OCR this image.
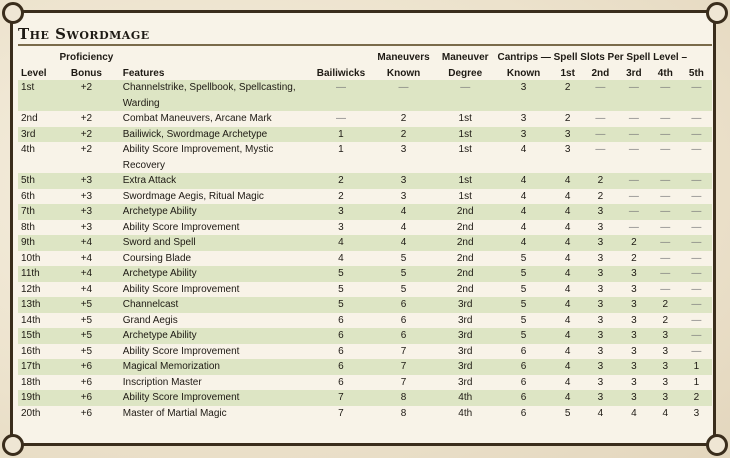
The Swordmage
	Proficiency			Maneuvers	Maneuver	Cantrips — Spell Slots Per Spell Level –					
Level	Bonus	Features	Bailiwicks	Known	Degree	Known	1st	2nd	3rd	4th	5th
1st	+2	Channelstrike, Spellbook, Spellcasting, Warding	—	—	—	3	2	—	—	—	—
2nd	+2	Combat Maneuvers, Arcane Mark	—	2	1st	3	2	—	—	—	—
3rd	+2	Bailiwick, Swordmage Archetype	1	2	1st	3	3	—	—	—	—
4th	+2	Ability Score Improvement, Mystic Recovery	1	3	1st	4	3	—	—	—	—
5th	+3	Extra Attack	2	3	1st	4	4	2	—	—	—
6th	+3	Swordmage Aegis, Ritual Magic	2	3	1st	4	4	2	—	—	—
7th	+3	Archetype Ability	3	4	2nd	4	4	3	—	—	—
8th	+3	Ability Score Improvement	3	4	2nd	4	4	3	—	—	—
9th	+4	Sword and Spell	4	4	2nd	4	4	3	2	—	—
10th	+4	Coursing Blade	4	5	2nd	5	4	3	2	—	—
11th	+4	Archetype Ability	5	5	2nd	5	4	3	3	—	—
12th	+4	Ability Score Improvement	5	5	2nd	5	4	3	3	—	—
13th	+5	Channelcast	5	6	3rd	5	4	3	3	2	—
14th	+5	Grand Aegis	6	6	3rd	5	4	3	3	2	—
15th	+5	Archetype Ability	6	6	3rd	5	4	3	3	3	—
16th	+5	Ability Score Improvement	6	7	3rd	6	4	3	3	3	—
17th	+6	Magical Memorization	6	7	3rd	6	4	3	3	3	1
18th	+6	Inscription Master	6	7	3rd	6	4	3	3	3	1
19th	+6	Ability Score Improvement	7	8	4th	6	4	3	3	3	2
20th	+6	Master of Martial Magic	7	8	4th	6	5	4	4	4	3
